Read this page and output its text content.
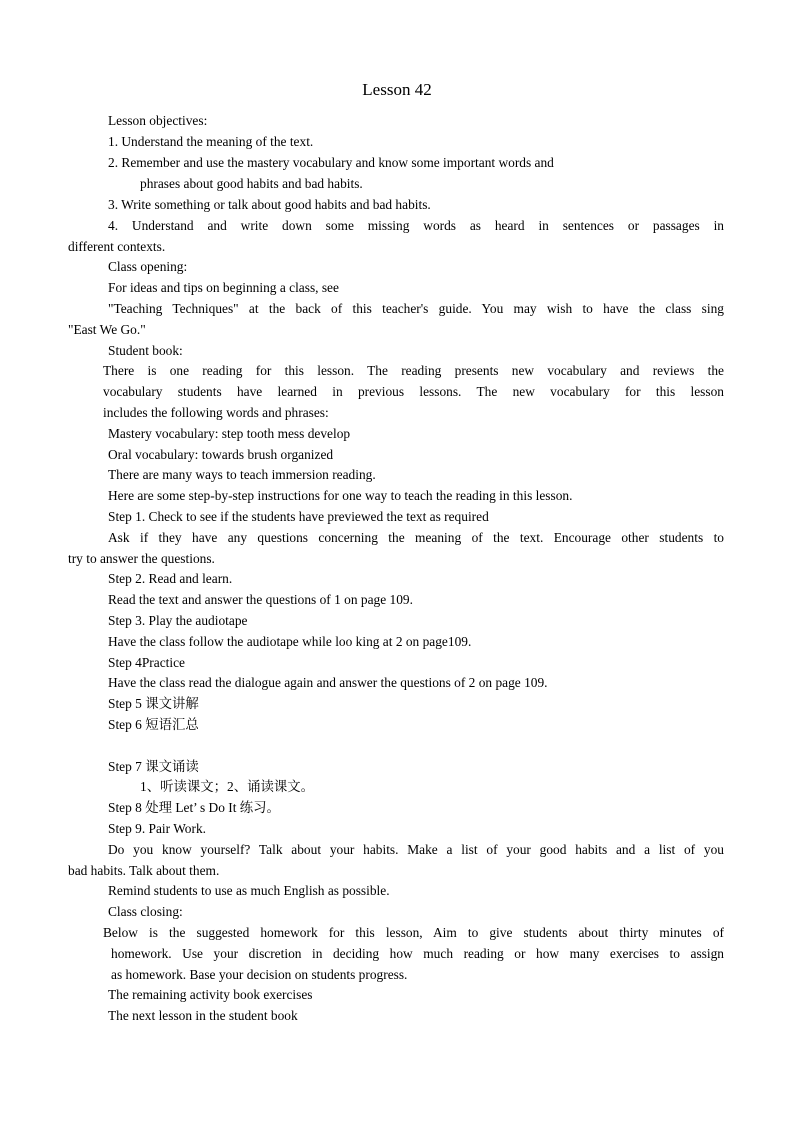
Lesson 42
Lesson objectives:
1. Understand the meaning of the text.
2. Remember and use the mastery vocabulary and know some important words and
phrases about good habits and bad habits.
3. Write something or talk about good habits and bad habits.
4. Understand and write down some missing words as heard in sentences or passages in
different contexts.
Class opening:
For ideas and tips on beginning a class, see
"Teaching Techniques" at the back of this teacher's guide. You may wish to have the class sing
"East We Go."
Student book:
There is one reading for this lesson. The reading presents new vocabulary and reviews the
vocabulary students have learned in previous lessons. The new vocabulary for this lesson
includes the following words and phrases:
Mastery vocabulary: step tooth mess develop
Oral vocabulary: towards brush organized
There are many ways to teach immersion reading.
Here are some step-by-step instructions for one way to teach the reading in this lesson.
Step 1. Check to see if the students have previewed the text as required
Ask if they have any questions concerning the meaning of the text. Encourage other students to
try to answer the questions.
Step 2. Read and learn.
Read the text and answer the questions of 1 on page 109.
Step 3. Play the audiotape
Have the class follow the audiotape while loo king at 2 on page109.
Step 4Practice
Have the class read the dialogue again and answer the questions of 2 on page 109.
Step 5 课文讲解
Step 6 短语汇总
Step 7 课文诵读
1、听读课文；2、诵读课文。
Step 8 处理 Let’ s Do It 练习。
Step 9. Pair Work.
Do you know yourself? Talk about your habits. Make a list of your good habits and a list of you
bad habits. Talk about them.
Remind students to use as much English as possible.
Class closing:
Below is the suggested homework for this lesson, Aim to give students about thirty minutes of
homework. Use your discretion in deciding how much reading or how many exercises to assign
as homework. Base your decision on students progress.
The remaining activity book exercises
The next lesson in the student book
